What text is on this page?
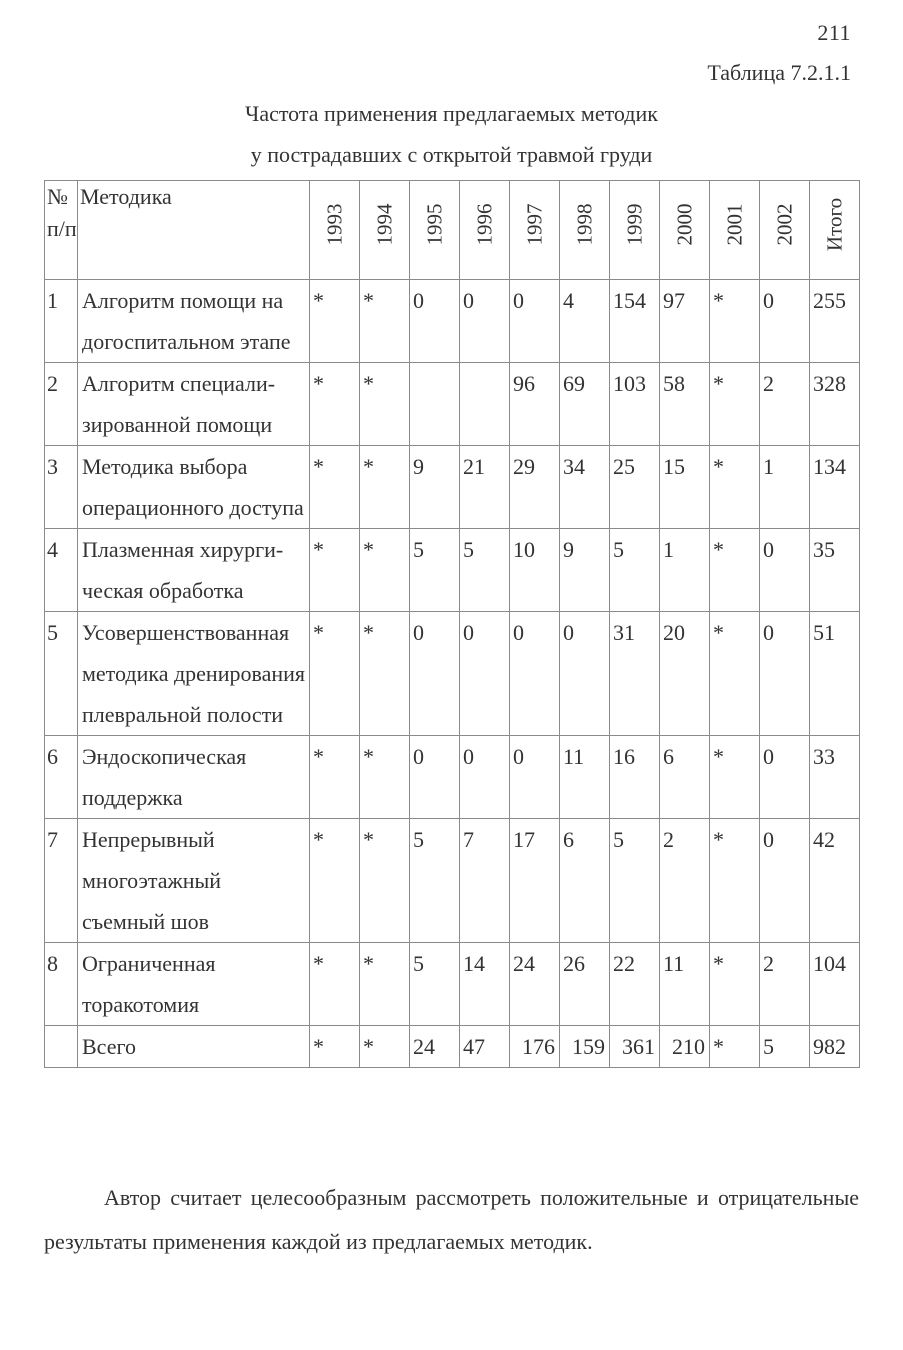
211
Таблица 7.2.1.1
Частота применения предлагаемых методик
у пострадавших с открытой травмой груди
№
п/п	Методика	1993	1994	1995	1996	1997	1998	1999	2000	2001	2002	Итого

1	Алгоритм помощи на догоспитальном этапе	*	*	0	0	0	4	154	97	*	0	255
2	Алгоритм специали-зированной помощи	*	*			96	69	103	58	*	2	328
3	Методика выбора операционного доступа	*	*	9	21	29	34	25	15	*	1	134
4	Плазменная хирурги-ческая обработка	*	*	5	5	10	9	5	1	*	0	35
5	Усовершенствованная методика дренирования плевральной полости	*	*	0	0	0	0	31	20	*	0	51
6	Эндоскопическая поддержка	*	*	0	0	0	11	16	6	*	0	33
7	Непрерывный многоэтажный съемный шов	*	*	5	7	17	6	5	2	*	0	42
8	Ограниченная торакотомия	*	*	5	14	24	26	22	11	*	2	104
	Всего	*	*	24	47	176	159	361	210	*	5	982
Автор считает целесообразным рассмотреть положительные и отрицательные результаты применения каждой из предлагаемых методик.
